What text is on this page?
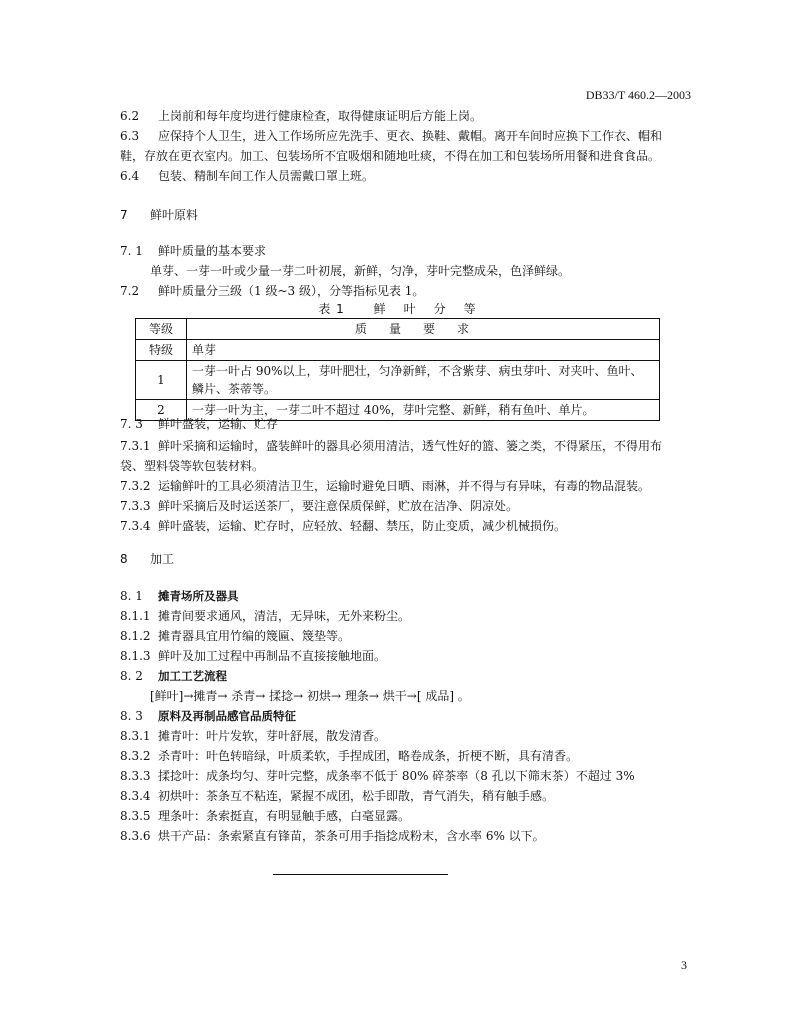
DB33/T 460.2—2003
6.2 上岗前和每年度均进行健康检查，取得健康证明后方能上岗。
6.3 应保持个人卫生，进入工作场所应先洗手、更衣、换鞋、戴帽。离开车间时应换下工作衣、帽和
鞋，存放在更衣室内。加工、包装场所不宜吸烟和随地吐痰，不得在加工和包装场所用餐和进食食品。
6.4 包装、精制车间工作人员需戴口罩上班。
7 鲜叶原料
7. 1 鲜叶质量的基本要求
单芽、一芽一叶或少量一芽二叶初展，新鲜，匀净，芽叶完整成朵，色泽鲜绿。
7.2 鲜叶质量分三级（1 级~3 级），分等指标见表 1。
表 1 鲜叶分等
等级	质量要求
特级	单芽
1	一芽一叶占 90%以上，芽叶肥壮，匀净新鲜，不含紫芽、病虫芽叶、对夹叶、鱼叶、
鳞片、茶蒂等。

2	一芽一叶为主，一芽二叶不超过 40%，芽叶完整、新鲜，稍有鱼叶、单片。
7. 3 鲜叶盛装，运输、贮存
7.3.1 鲜叶采摘和运输时，盛装鲜叶的器具必须用清洁，透气性好的篮、篓之类，不得紧压，不得用布
袋、塑料袋等软包装材料。
7.3.2 运输鲜叶的工具必须清洁卫生，运输时避免日晒、雨淋，并不得与有异味，有毒的物品混装。
7.3.3 鲜叶采摘后及时运送茶厂，要注意保质保鲜，贮放在洁净、阴凉处。
7.3.4 鲜叶盛装，运输、贮存时，应轻放、轻翻、禁压，防止变质，减少机械损伤。
8 加工
8. 1 摊青场所及器具
8.1.1 摊青间要求通风，清洁，无异味，无外来粉尘。
8.1.2 摊青器具宜用竹编的篾匾、篾垫等。
8.1.3 鲜叶及加工过程中再制品不直接接触地面。
8. 2 加工工艺流程
[鲜叶]→摊青→ 杀青→ 揉捻→ 初烘→ 理条→ 烘干→[ 成品] 。
8. 3 原料及再制品感官品质特征
8.3.1 摊青叶：叶片发软，芽叶舒展，散发清香。
8.3.2 杀青叶：叶色转暗绿，叶质柔软，手捏成团，略卷成条，折梗不断，具有清香。
8.3.3 揉捻叶：成条均匀、芽叶完整，成条率不低于 80% 碎茶率（8 孔以下筛末茶）不超过 3%
8.3.4 初烘叶：茶条互不粘连，紧握不成团，松手即散，青气消失，稍有触手感。
8.3.5 理条叶：条索挺直，有明显触手感，白毫显露。
8.3.6 烘干产品：条索紧直有锋苗，茶条可用手指捻成粉末，含水率 6% 以下。
3
